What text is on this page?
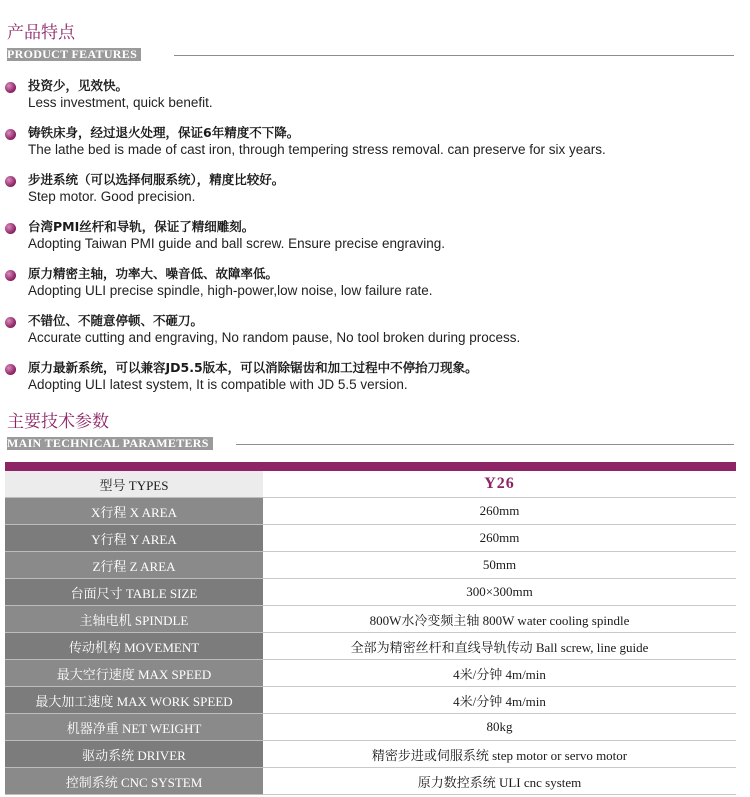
产品特点
PRODUCT FEATURES
投资少，见效快。
Less investment, quick benefit.
铸铁床身，经过退火处理，保证6年精度不下降。
The lathe bed is made of cast iron, through tempering stress removal. can preserve for six years.
步进系统（可以选择伺服系统），精度比较好。
Step motor. Good precision.
台湾PMI丝杆和导轨，保证了精细雕刻。
Adopting Taiwan PMI guide and ball screw. Ensure precise engraving.
原力精密主轴，功率大、噪音低、故障率低。
Adopting ULI precise spindle, high-power,low noise, low failure rate.
不错位、不随意停顿、不砸刀。
Accurate cutting and engraving, No random pause, No tool broken during process.
原力最新系统，可以兼容JD5.5版本，可以消除锯齿和加工过程中不停抬刀现象。
Adopting ULI latest system, It is compatible with JD 5.5 version.
主要技术参数
MAIN TECHNICAL PARAMETERS
型号 TYPES	Y26
X行程 X AREA	260mm
Y行程 Y AREA	260mm
Z行程 Z AREA	50mm
台面尺寸 TABLE SIZE	300×300mm
主轴电机 SPINDLE	800W水冷变频主轴 800W water cooling spindle
传动机构 MOVEMENT	全部为精密丝杆和直线导轨传动 Ball screw, line guide
最大空行速度 MAX SPEED	4米/分钟 4m/min
最大加工速度 MAX WORK SPEED	4米/分钟 4m/min
机器净重 NET WEIGHT	80kg
驱动系统 DRIVER	精密步进或伺服系统 step motor or servo motor
控制系统 CNC SYSTEM	原力数控系统 ULI cnc system
